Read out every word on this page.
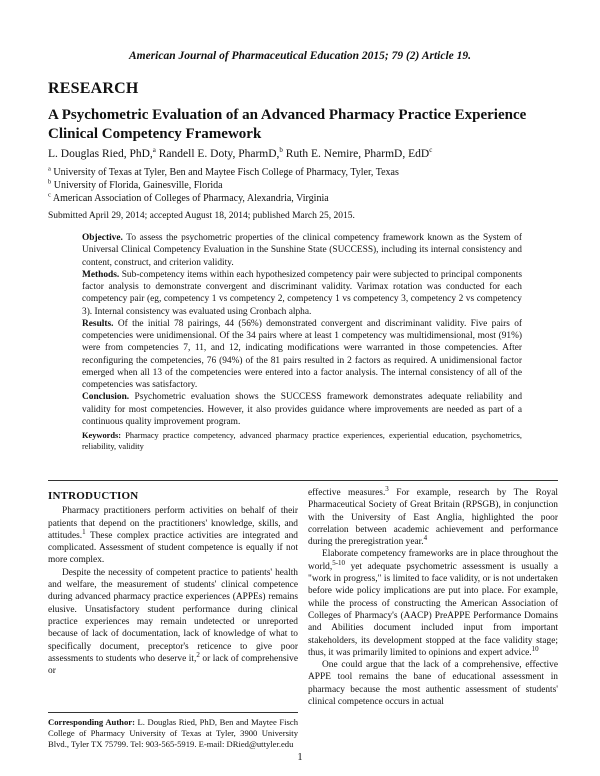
American Journal of Pharmaceutical Education 2015; 79 (2) Article 19.
RESEARCH
A Psychometric Evaluation of an Advanced Pharmacy Practice Experience Clinical Competency Framework
L. Douglas Ried, PhD,$^a$ Randell E. Doty, PharmD,$^b$ Ruth E. Nemire, PharmD, EdD$^c$
$^a$ University of Texas at Tyler, Ben and Maytee Fisch College of Pharmacy, Tyler, Texas
$^b$ University of Florida, Gainesville, Florida
$^c$ American Association of Colleges of Pharmacy, Alexandria, Virginia
Submitted April 29, 2014; accepted August 18, 2014; published March 25, 2015.

Objective. To assess the psychometric properties of the clinical competency framework known as the System of Universal Clinical Competency Evaluation in the Sunshine State (SUCCESS), including its internal consistency and content, construct, and criterion validity.

Methods. Sub-competency items within each hypothesized competency pair were subjected to principal components factor analysis to demonstrate convergent and discriminant validity. Varimax rotation was conducted for each competency pair (eg, competency 1 vs competency 2, competency 1 vs competency 3, competency 2 vs competency 3). Internal consistency was evaluated using Cronbach alpha.

Results. Of the initial 78 pairings, 44 (56%) demonstrated convergent and discriminant validity. Five pairs of competencies were unidimensional. Of the 34 pairs where at least 1 competency was multidimensional, most (91%) were from competencies 7, 11, and 12, indicating modifications were warranted in those competencies. After reconfiguring the competencies, 76 (94%) of the 81 pairs resulted in 2 factors as required. A unidimensional factor emerged when all 13 of the competencies were entered into a factor analysis. The internal consistency of all of the competencies was satisfactory.

Conclusion. Psychometric evaluation shows the SUCCESS framework demonstrates adequate reliability and validity for most competencies. However, it also provides guidance where improvements are needed as part of a continuous quality improvement program.

Keywords: Pharmacy practice competency, advanced pharmacy practice experiences, experiential education, psychometrics, reliability, validity

INTRODUCTION

Pharmacy practitioners perform activities on behalf of their patients that depend on the practitioners' knowledge, skills, and attitudes.$^1$ These complex practice activities are integrated and complicated. Assessment of student competence is equally if not more complex.

Despite the necessity of competent practice to patients' health and welfare, the measurement of students' clinical competence during advanced pharmacy practice experiences (APPEs) remains elusive. Unsatisfactory student performance during clinical practice experiences may remain undetected or unreported because of lack of documentation, lack of knowledge of what to specifically document, preceptor's reticence to give poor assessments to students who deserve it,$^2$ or lack of comprehensive or

effective measures.$^3$ For example, research by The Royal Pharmaceutical Society of Great Britain (RPSGB), in conjunction with the University of East Anglia, highlighted the poor correlation between academic achievement and performance during the preregistration year.$^4$

Elaborate competency frameworks are in place throughout the world,$^{5-10}$ yet adequate psychometric assessment is usually a "work in progress," is limited to face validity, or is not undertaken before wide policy implications are put into place. For example, while the process of constructing the American Association of Colleges of Pharmacy's (AACP) PreAPPE Performance Domains and Abilities document included input from important stakeholders, its development stopped at the face validity stage; thus, it was primarily limited to opinions and expert advice.$^{10}$

One could argue that the lack of a comprehensive, effective APPE tool remains the bane of educational assessment in pharmacy because the most authentic assessment of students' clinical competence occurs in actual

Corresponding Author: L. Douglas Ried, PhD, Ben and Maytee Fisch College of Pharmacy University of Texas at Tyler, 3900 University Blvd., Tyler TX 75799. Tel: 903-565-5919. E-mail: DRied@uttyler.edu
1
